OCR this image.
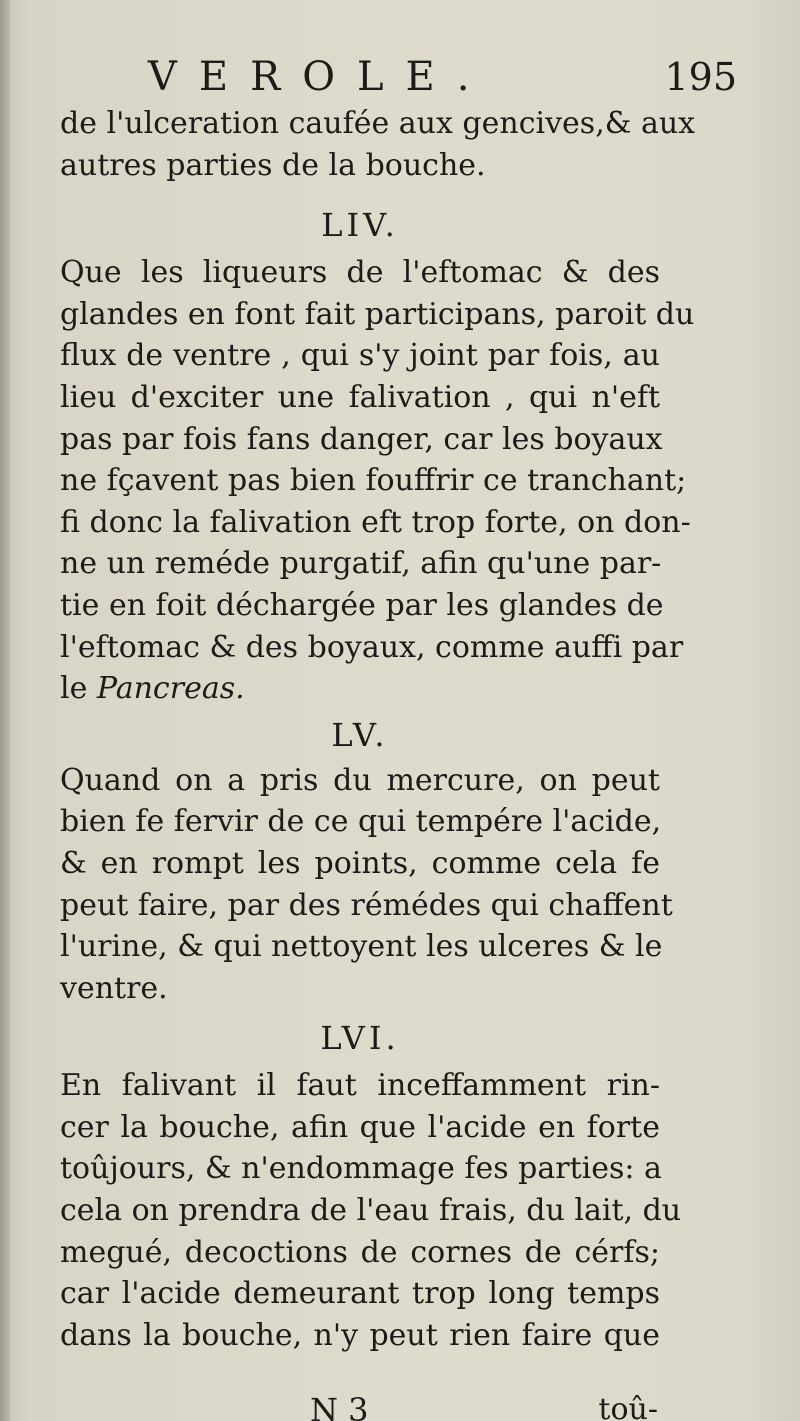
VEROLE.	195
de l'ulceration caufée aux gencives,& aux
autres parties de la bouche.
LIV.
Que les liqueurs de l'eftomac & des
glandes en font fait participans, paroit du
flux de ventre , qui s'y joint par fois, au
lieu d'exciter une falivation , qui n'eft
pas par fois fans danger, car les boyaux
ne fçavent pas bien fouffrir ce tranchant;
fi donc la falivation eft trop forte, on don-
ne un reméde purgatif, afin qu'une par-
tie en foit déchargée par les glandes de
l'eftomac & des boyaux, comme auffi par
le Pancreas.
LV.
Quand on a pris du mercure, on peut
bien fe fervir de ce qui tempére l'acide,
& en rompt les points, comme cela fe
peut faire, par des rémédes qui chaffent
l'urine, & qui nettoyent les ulceres & le
ventre.
LVI.
En falivant il faut inceffamment rin-
cer la bouche, afin que l'acide en forte
toûjours, & n'endommage fes parties: a
cela on prendra de l'eau frais, du lait, du
megué, decoctions de cornes de cérfs;
car l'acide demeurant trop long temps
dans la bouche, n'y peut rien faire que
N 3	toû-
